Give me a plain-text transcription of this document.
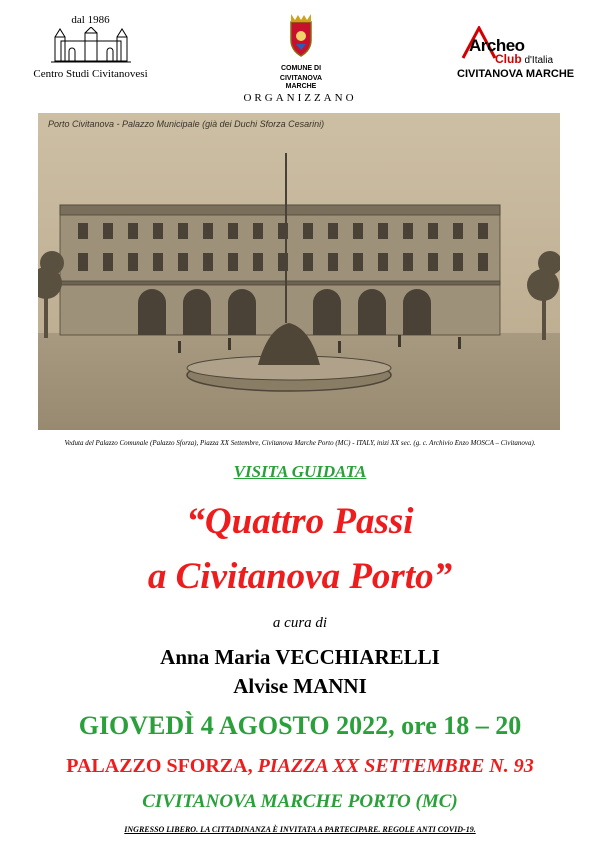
dal 1986
Centro Studi Civitanovesi	COMUNE DI
CIVITANOVA MARCHE
Archeo
Club d'Italia
CIVITANOVA MARCHE
ORGANIZZANO
Porto Civitanova - Palazzo Municipale (già dei Duchi Sforza Cesarini)
Veduta del Palazzo Comunale (Palazzo Sforza), Piazza XX Settembre, Civitanova Marche Porto (MC) - ITALY, inizi XX sec. (g. c. Archivio Enzo MOSCA – Civitanova).
VISITA GUIDATA
“Quattro Passi
a Civitanova Porto”
a cura di
Anna Maria VECCHIARELLI
Alvise MANNI
GIOVEDÌ 4 AGOSTO 2022, ore 18 – 20
PALAZZO SFORZA, PIAZZA XX SETTEMBRE N. 93
CIVITANOVA MARCHE PORTO (MC)
INGRESSO LIBERO. LA CITTADINANZA È INVITATA A PARTECIPARE. REGOLE ANTI COVID-19.
